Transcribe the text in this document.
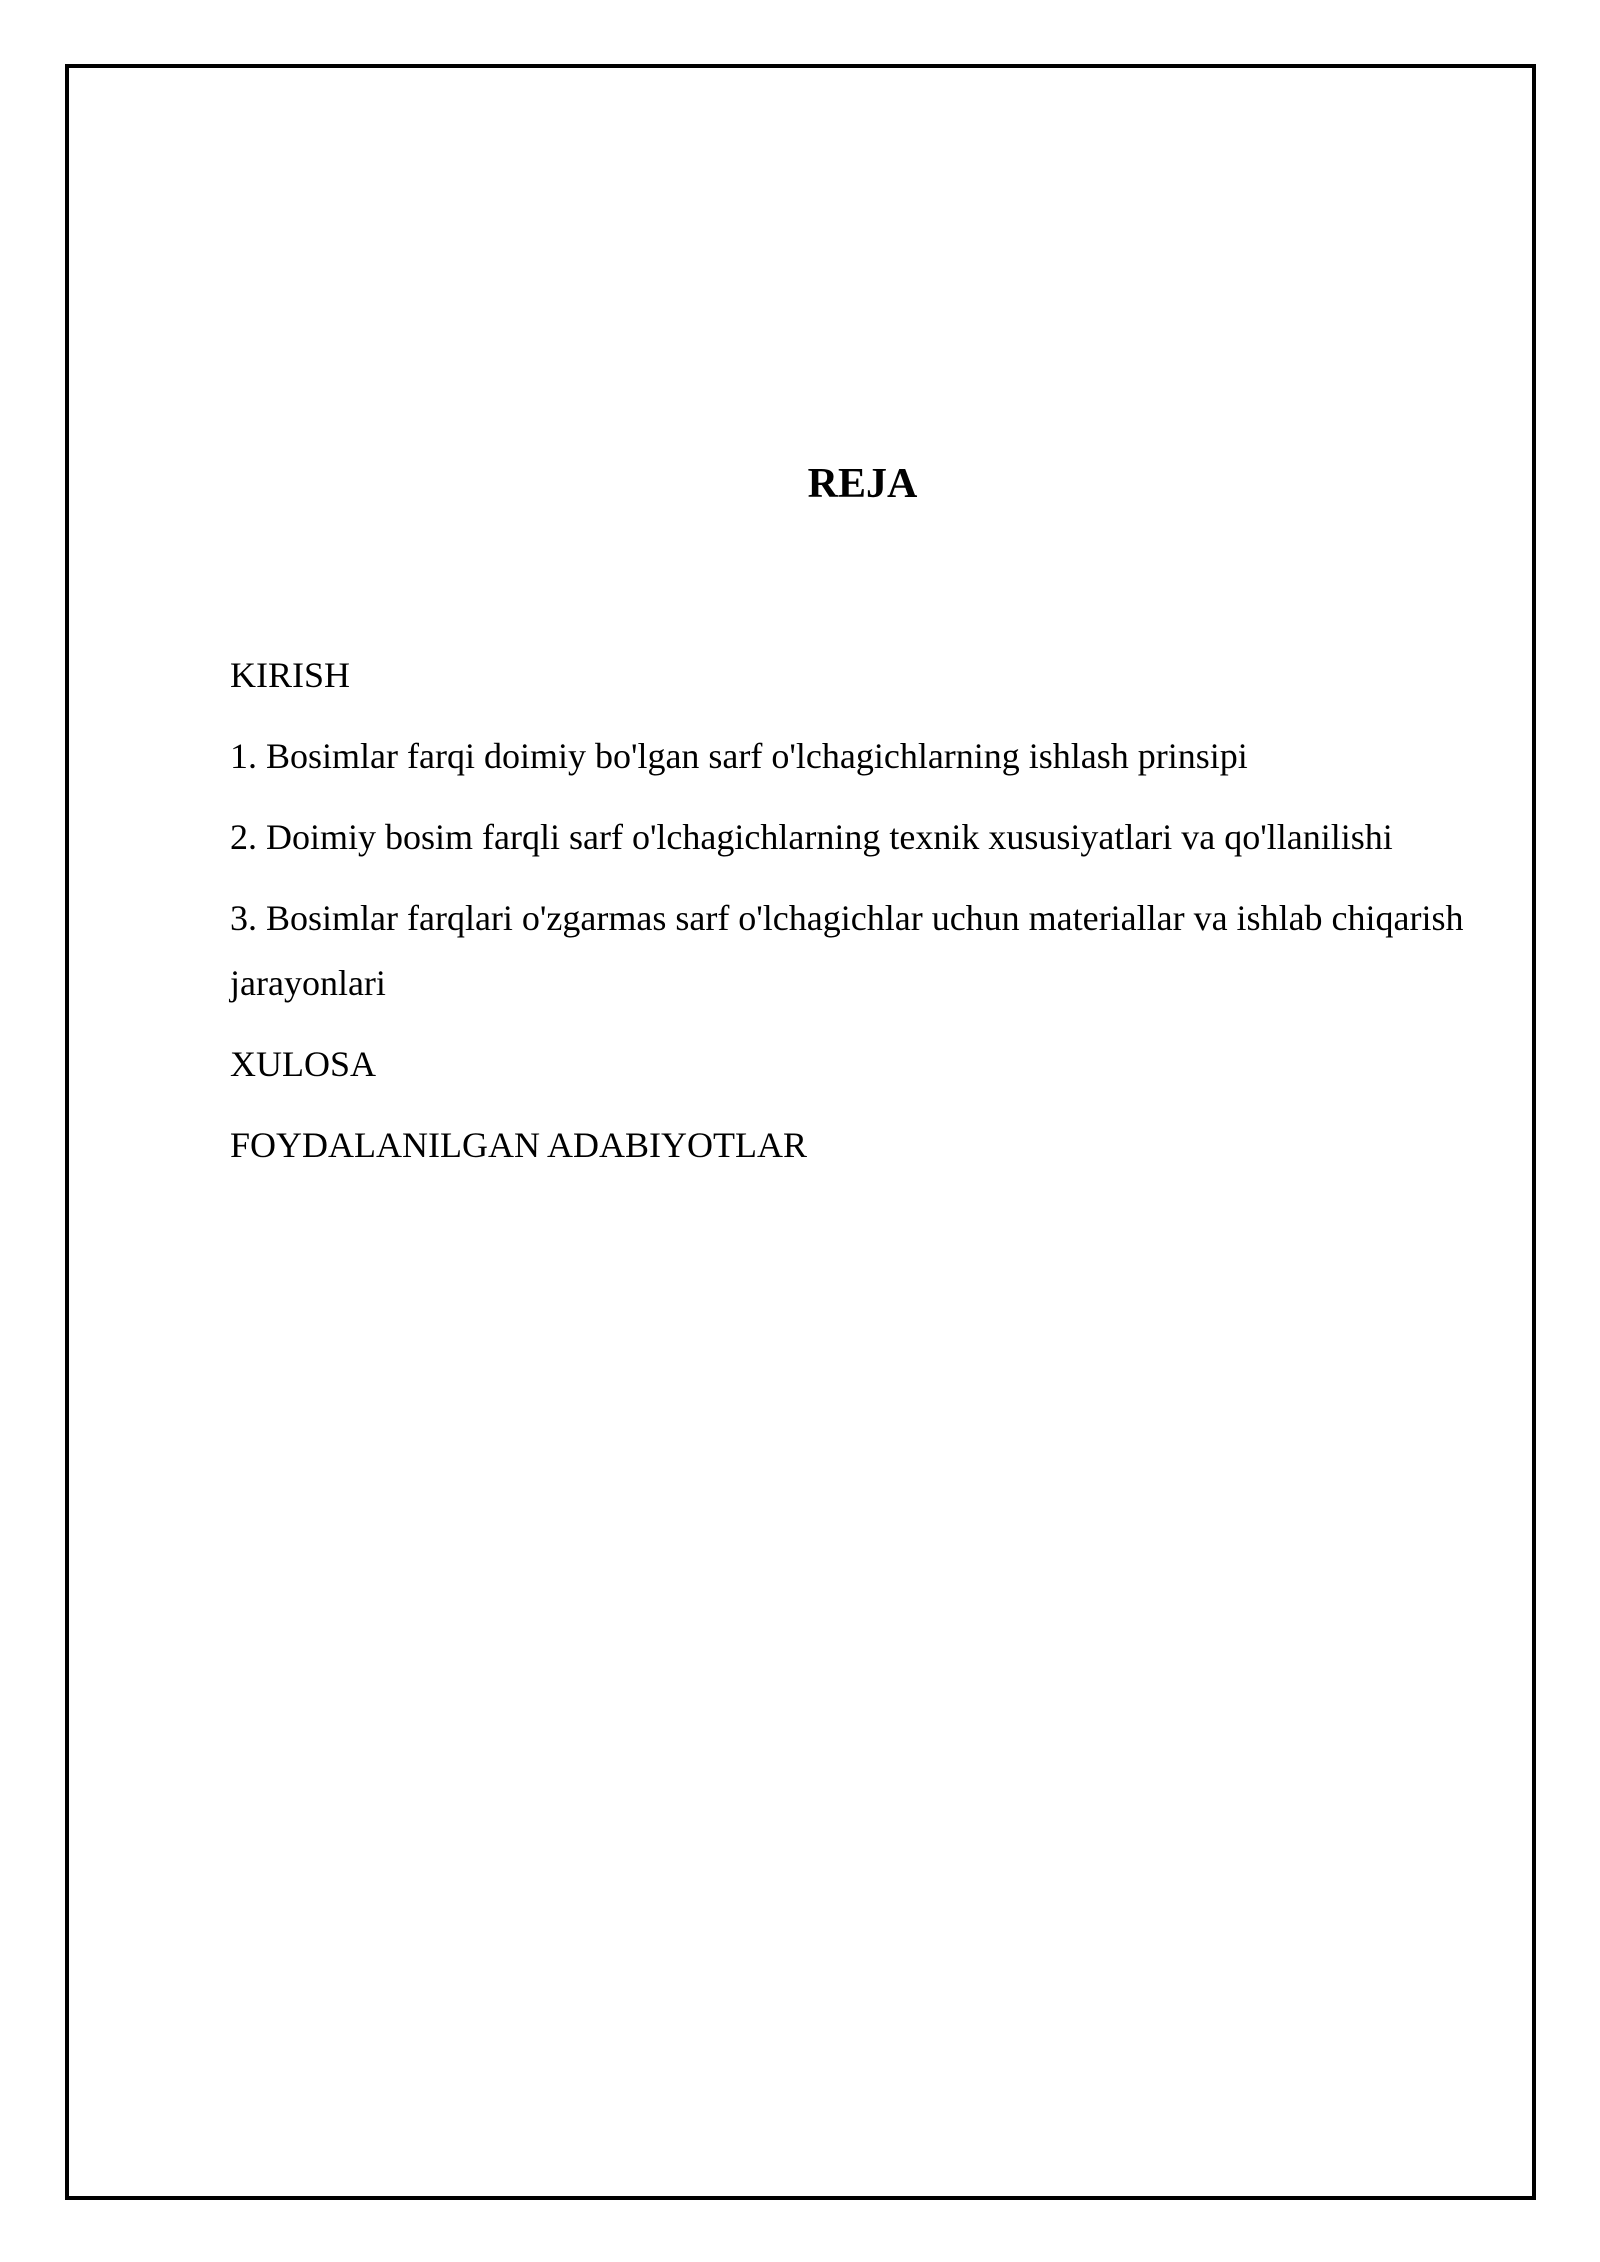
REJA
KIRISH
1. Bosimlar farqi doimiy bo'lgan sarf o'lchagichlarning ishlash prinsipi
2. Doimiy bosim farqli sarf o'lchagichlarning texnik xususiyatlari va qo'llanilishi
3. Bosimlar farqlari o'zgarmas sarf o'lchagichlar uchun materiallar va ishlab chiqarish jarayonlari
XULOSA
FOYDALANILGAN ADABIYOTLAR
